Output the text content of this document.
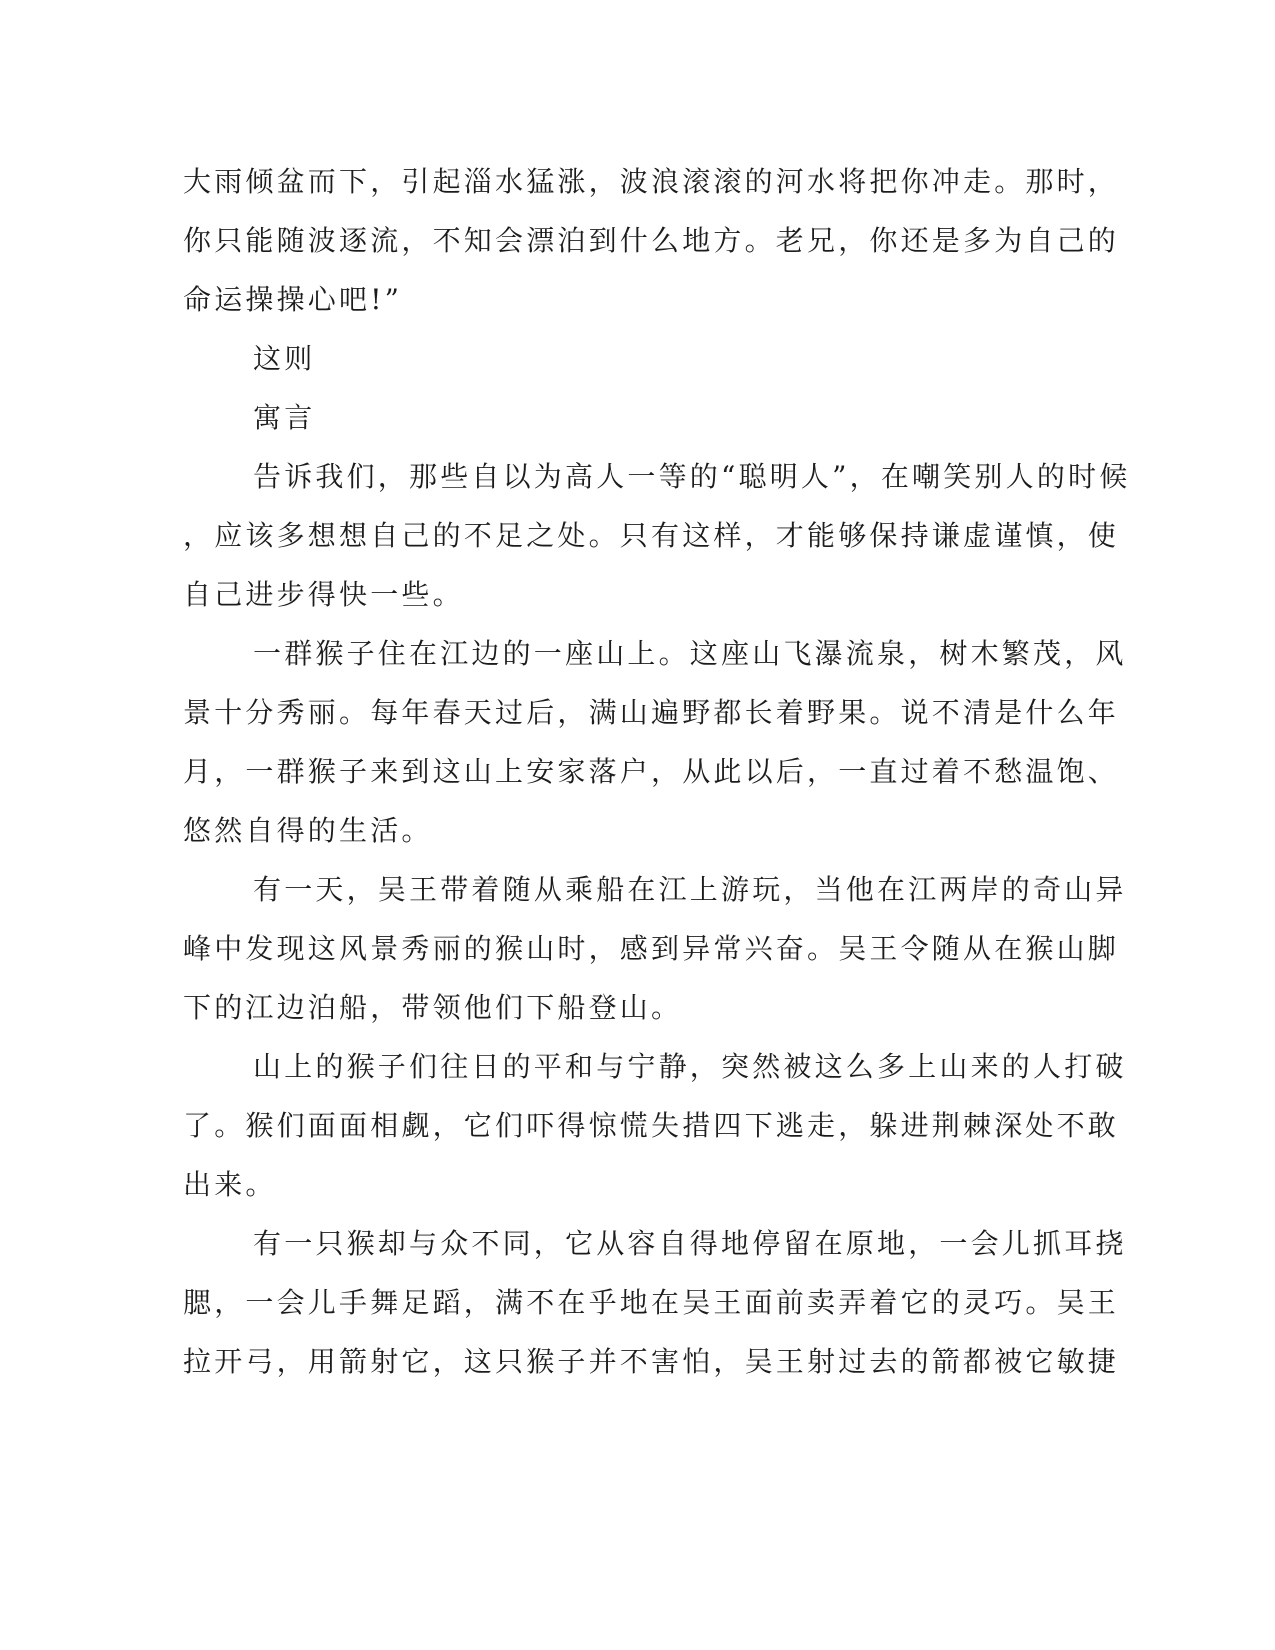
大雨倾盆而下，引起淄水猛涨，波浪滚滚的河水将把你冲走。那时，
你只能随波逐流，不知会漂泊到什么地方。老兄，你还是多为自己的
命运操操心吧!”
这则
寓言
告诉我们，那些自以为高人一等的“聪明人”，在嘲笑别人的时候
，应该多想想自己的不足之处。只有这样，才能够保持谦虚谨慎，使
自己进步得快一些。
一群猴子住在江边的一座山上。这座山飞瀑流泉，树木繁茂，风
景十分秀丽。每年春天过后，满山遍野都长着野果。说不清是什么年
月，一群猴子来到这山上安家落户，从此以后，一直过着不愁温饱、
悠然自得的生活。
有一天，吴王带着随从乘船在江上游玩，当他在江两岸的奇山异
峰中发现这风景秀丽的猴山时，感到异常兴奋。吴王令随从在猴山脚
下的江边泊船，带领他们下船登山。
山上的猴子们往日的平和与宁静，突然被这么多上山来的人打破
了。猴们面面相觑，它们吓得惊慌失措四下逃走，躲进荆棘深处不敢
出来。
有一只猴却与众不同，它从容自得地停留在原地，一会儿抓耳挠
腮，一会儿手舞足蹈，满不在乎地在吴王面前卖弄着它的灵巧。吴王
拉开弓，用箭射它，这只猴子并不害怕，吴王射过去的箭都被它敏捷
